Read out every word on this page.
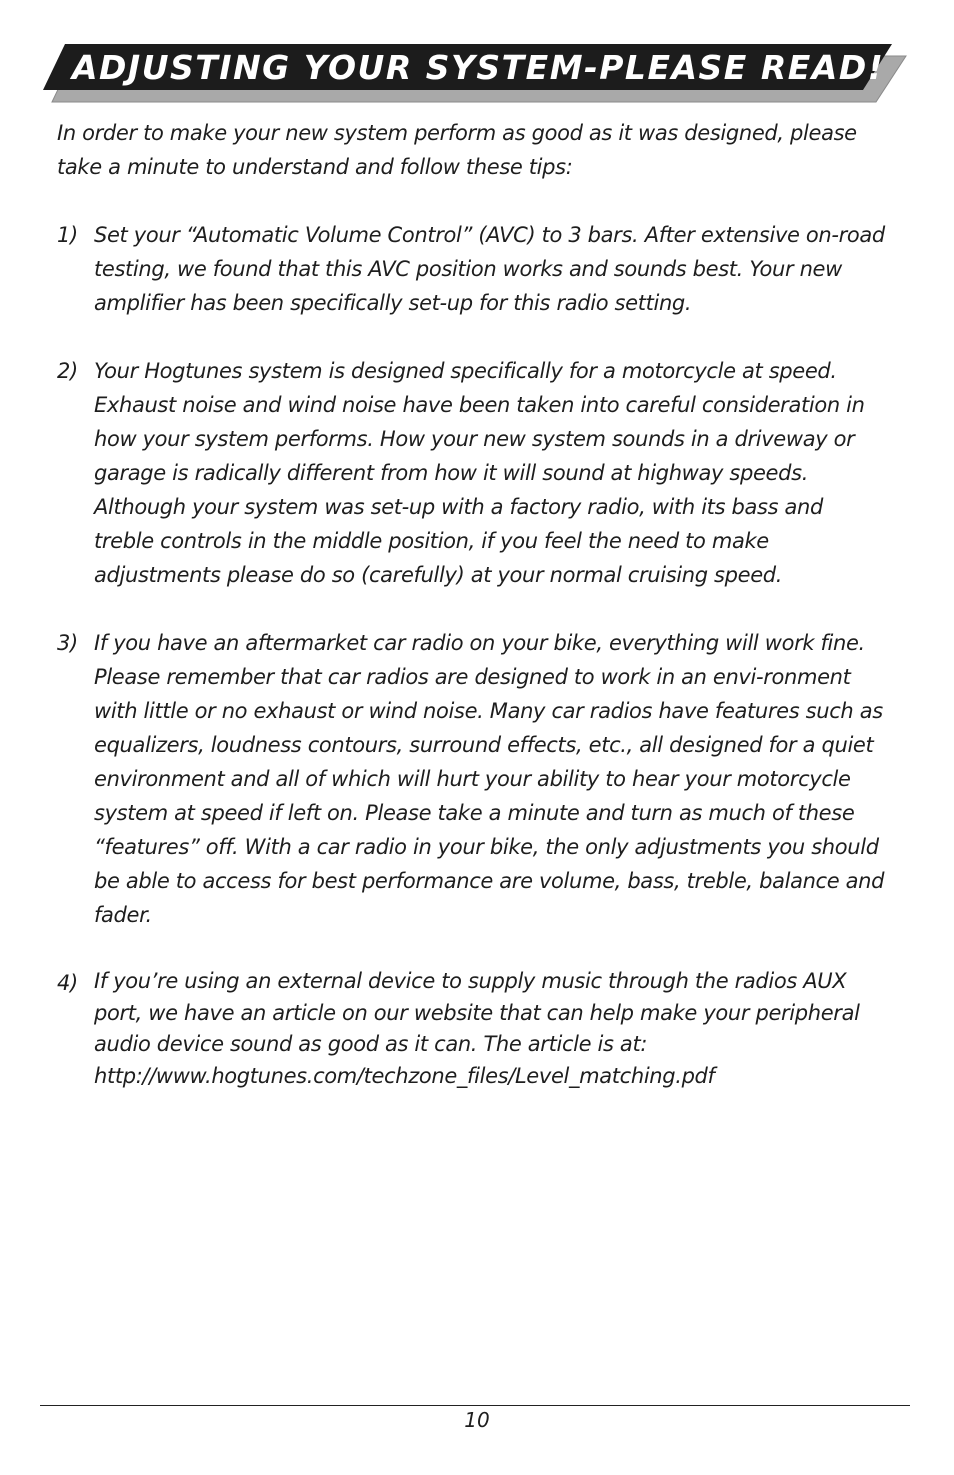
ADJUSTING YOUR SYSTEM-PLEASE READ!

In order to make your new system perform as good as it was designed, please take a minute to understand and follow these tips:

1) Set your “Automatic Volume Control” (AVC) to 3 bars. After extensive on-road testing, we found that this AVC position works and sounds best. Your new amplifier has been specifically set-up for this radio setting.
2) Your Hogtunes system is designed specifically for a motorcycle at speed. Exhaust noise and wind noise have been taken into careful consideration in how your system performs. How your new system sounds in a driveway or garage is radically different from how it will sound at highway speeds. Although your system was set-up with a factory radio, with its bass and treble controls in the middle position, if you feel the need to make adjustments please do so (carefully) at your normal cruising speed.
3) If you have an aftermarket car radio on your bike, everything will work fine. Please remember that car radios are designed to work in an envi-ronment with little or no exhaust or wind noise. Many car radios have features such as equalizers, loudness contours, surround effects, etc., all designed for a quiet environment and all of which will hurt your ability to hear your motorcycle system at speed if left on. Please take a minute and turn as much of these “features” off. With a car radio in your bike, the only adjustments you should be able to access for best performance are volume, bass, treble, balance and fader.
4) If you’re using an external device to supply music through the radios AUX port, we have an article on our website that can help make your peripheral audio device sound as good as it can. The article is at:
http://www.hogtunes.com/techzone_files/Level_matching.pdf
10
